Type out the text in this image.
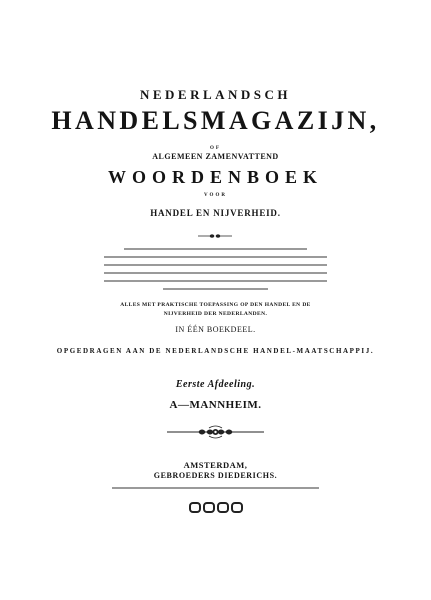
NEDERLANDSCH
HANDELSMAGAZIJN,
OF
ALGEMEEN ZAMENVATTEND
WOORDENBOEK
VOOR
HANDEL EN NIJVERHEID.
ALLES MET PRAKTISCHE TOEPASSING OP DEN HANDEL EN DE NIJVERHEID DER NEDERLANDEN.
IN ÉÉN BOEKDEEL.
OPGEDRAGEN AAN DE NEDERLANDSCHE HANDEL-MAATSCHAPPIJ.
Eerste Afdeeling.
A—MANNHEIM.
AMSTERDAM,
GEBROEDERS DIEDERICHS.
